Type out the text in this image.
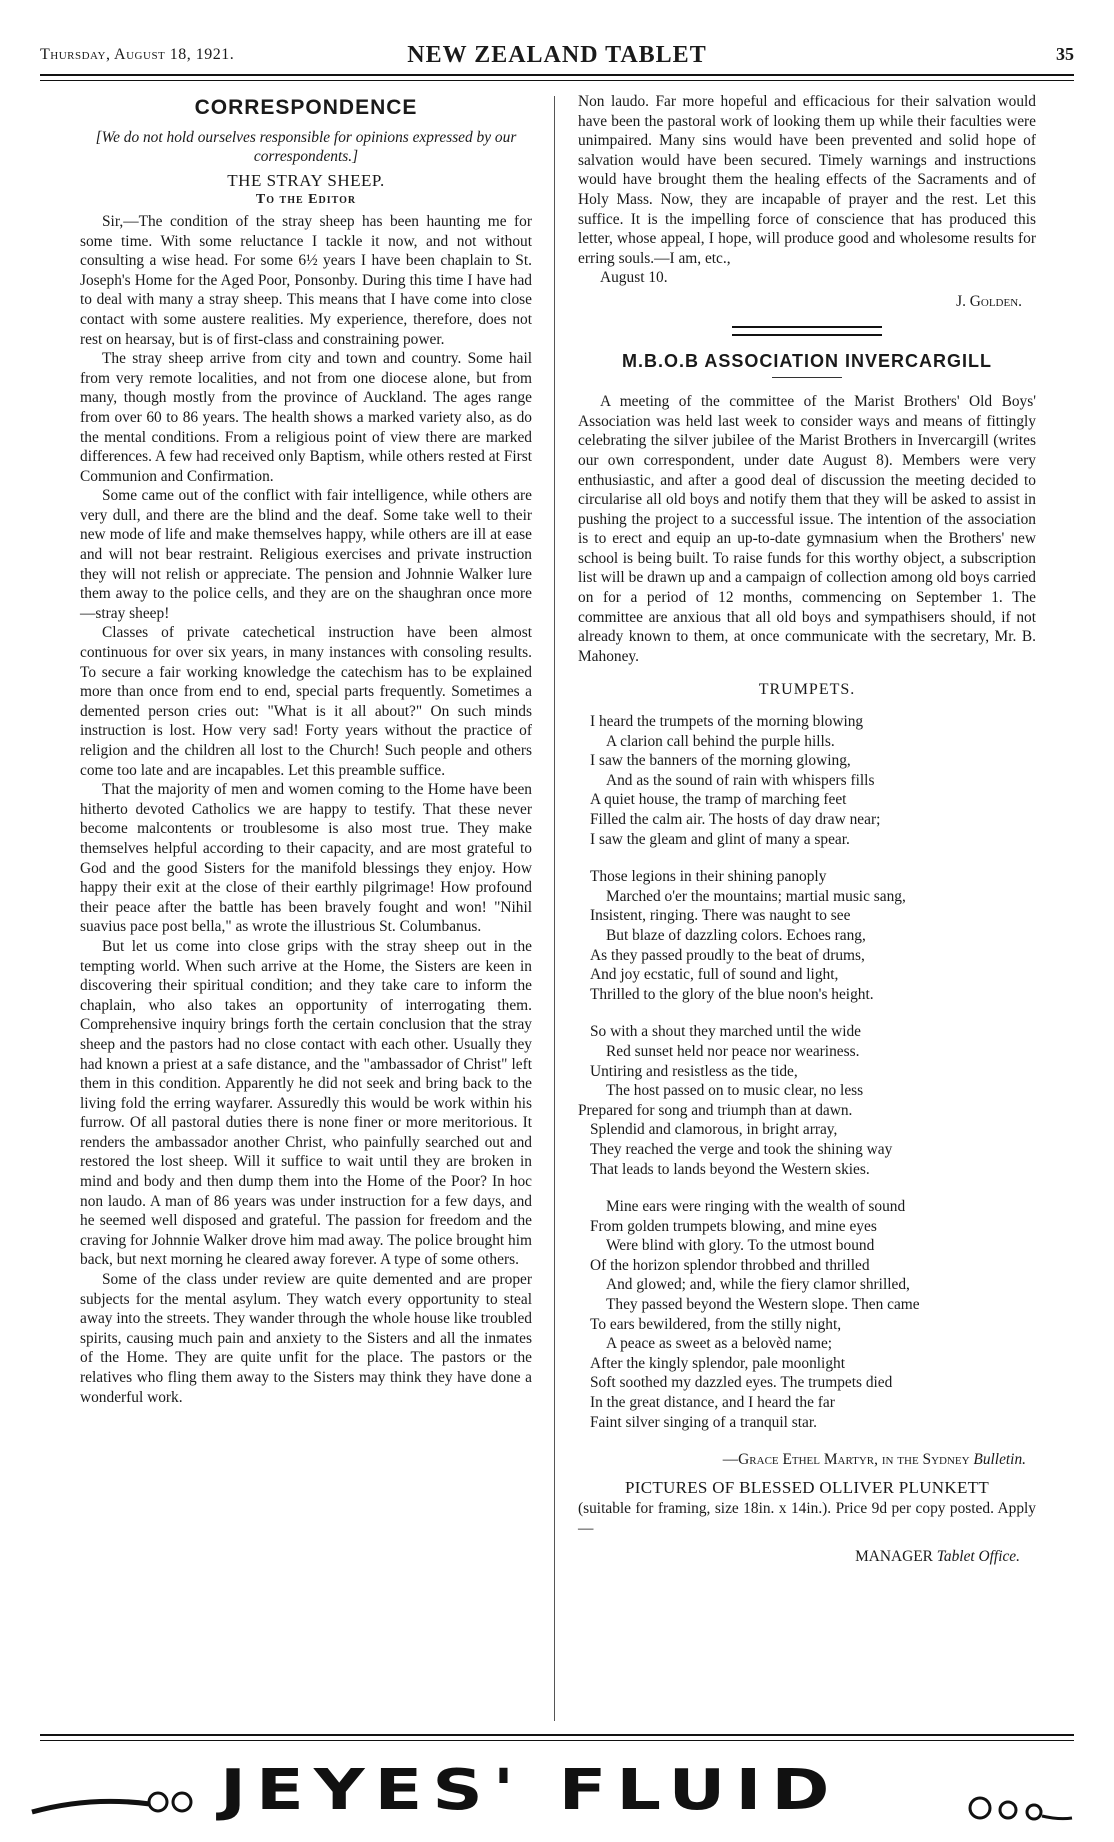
Thursday, August 18, 1921.	NEW ZEALAND TABLET	35
CORRESPONDENCE
[We do not hold ourselves responsible for opinions expressed by our correspondents.]
THE STRAY SHEEP.
To the Editor

Sir,—The condition of the stray sheep has been haunting me for some time. With some reluctance I tackle it now, and not without consulting a wise head. For some 6½ years I have been chaplain to St. Joseph's Home for the Aged Poor, Ponsonby. During this time I have had to deal with many a stray sheep. This means that I have come into close contact with some austere realities. My experience, therefore, does not rest on hearsay, but is of first-class and constraining power.

The stray sheep arrive from city and town and country. Some hail from very remote localities, and not from one diocese alone, but from many, though mostly from the province of Auckland. The ages range from over 60 to 86 years. The health shows a marked variety also, as do the mental conditions. From a religious point of view there are marked differences. A few had received only Baptism, while others rested at First Communion and Confirmation.

Some came out of the conflict with fair intelligence, while others are very dull, and there are the blind and the deaf. Some take well to their new mode of life and make themselves happy, while others are ill at ease and will not bear restraint. Religious exercises and private instruction they will not relish or appreciate. The pension and Johnnie Walker lure them away to the police cells, and they are on the shaughran once more—stray sheep!

Classes of private catechetical instruction have been almost continuous for over six years, in many instances with consoling results. To secure a fair working knowledge the catechism has to be explained more than once from end to end, special parts frequently. Sometimes a demented person cries out: "What is it all about?" On such minds instruction is lost. How very sad! Forty years without the practice of religion and the children all lost to the Church! Such people and others come too late and are incapables. Let this preamble suffice.

That the majority of men and women coming to the Home have been hitherto devoted Catholics we are happy to testify. That these never become malcontents or troublesome is also most true. They make themselves helpful according to their capacity, and are most grateful to God and the good Sisters for the manifold blessings they enjoy. How happy their exit at the close of their earthly pilgrimage! How profound their peace after the battle has been bravely fought and won! "Nihil suavius pace post bella," as wrote the illustrious St. Columbanus.

But let us come into close grips with the stray sheep out in the tempting world. When such arrive at the Home, the Sisters are keen in discovering their spiritual condition; and they take care to inform the chaplain, who also takes an opportunity of interrogating them. Comprehensive inquiry brings forth the certain conclusion that the stray sheep and the pastors had no close contact with each other. Usually they had known a priest at a safe distance, and the "ambassador of Christ" left them in this condition. Apparently he did not seek and bring back to the living fold the erring wayfarer. Assuredly this would be work within his furrow. Of all pastoral duties there is none finer or more meritorious. It renders the ambassador another Christ, who painfully searched out and restored the lost sheep. Will it suffice to wait until they are broken in mind and body and then dump them into the Home of the Poor? In hoc non laudo. A man of 86 years was under instruction for a few days, and he seemed well disposed and grateful. The passion for freedom and the craving for Johnnie Walker drove him mad away. The police brought him back, but next morning he cleared away forever. A type of some others.

Some of the class under review are quite demented and are proper subjects for the mental asylum. They watch every opportunity to steal away into the streets. They wander through the whole house like troubled spirits, causing much pain and anxiety to the Sisters and all the inmates of the Home. They are quite unfit for the place. The pastors or the relatives who fling them away to the Sisters may think they have done a wonderful work.

Non laudo. Far more hopeful and efficacious for their salvation would have been the pastoral work of looking them up while their faculties were unimpaired. Many sins would have been prevented and solid hope of salvation would have been secured. Timely warnings and instructions would have brought them the healing effects of the Sacraments and of Holy Mass. Now, they are incapable of prayer and the rest. Let this suffice. It is the impelling force of conscience that has produced this letter, whose appeal, I hope, will produce good and wholesome results for erring souls.—I am, etc.,

August 10.
J. Golden.
M.B.O.B ASSOCIATION INVERCARGILL

A meeting of the committee of the Marist Brothers' Old Boys' Association was held last week to consider ways and means of fittingly celebrating the silver jubilee of the Marist Brothers in Invercargill (writes our own correspondent, under date August 8). Members were very enthusiastic, and after a good deal of discussion the meeting decided to circularise all old boys and notify them that they will be asked to assist in pushing the project to a successful issue. The intention of the association is to erect and equip an up-to-date gymnasium when the Brothers' new school is being built. To raise funds for this worthy object, a subscription list will be drawn up and a campaign of collection among old boys carried on for a period of 12 months, commencing on September 1. The committee are anxious that all old boys and sympathisers should, if not already known to them, at once communicate with the secretary, Mr. B. Mahoney.

TRUMPETS.
I heard the trumpets of the morning blowing
A clarion call behind the purple hills.
I saw the banners of the morning glowing,
And as the sound of rain with whispers fills
A quiet house, the tramp of marching feet
Filled the calm air. The hosts of day draw near;
I saw the gleam and glint of many a spear.
Those legions in their shining panoply
Marched o'er the mountains; martial music sang,
Insistent, ringing. There was naught to see
But blaze of dazzling colors. Echoes rang,
As they passed proudly to the beat of drums,
And joy ecstatic, full of sound and light,
Thrilled to the glory of the blue noon's height.
So with a shout they marched until the wide
Red sunset held nor peace nor weariness.
Untiring and resistless as the tide,
The host passed on to music clear, no less
Prepared for song and triumph than at dawn.
Splendid and clamorous, in bright array,
They reached the verge and took the shining way
That leads to lands beyond the Western skies.
Mine ears were ringing with the wealth of sound
From golden trumpets blowing, and mine eyes
Were blind with glory. To the utmost bound
Of the horizon splendor throbbed and thrilled
And glowed; and, while the fiery clamor shrilled,
They passed beyond the Western slope. Then came
To ears bewildered, from the stilly night,
A peace as sweet as a belovèd name;
After the kingly splendor, pale moonlight
Soft soothed my dazzled eyes. The trumpets died
In the great distance, and I heard the far
Faint silver singing of a tranquil star.
—Grace Ethel Martyr, in the Sydney Bulletin.
PICTURES OF BLESSED OLLIVER PLUNKETT

(suitable for framing, size 18in. x 14in.). Price 9d per copy posted. Apply—

MANAGER Tablet Office.
JEYES' FLUID
